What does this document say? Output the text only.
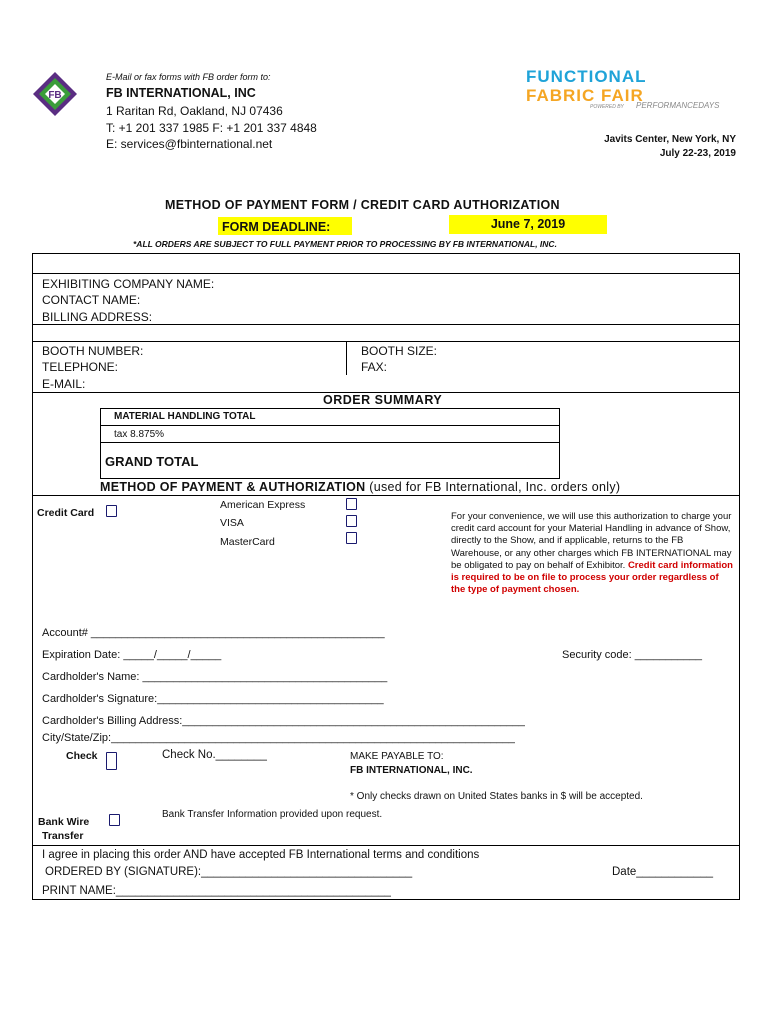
FB
E-Mail or fax forms with FB order form to:
FB INTERNATIONAL, INC
1 Raritan Rd, Oakland, NJ 07436
T: +1 201 337 1985 F: +1 201 337 4848
E: services@fbinternational.net
FUNCTIONAL
FABRIC FAIR
POWERED BY PERFORMANCEDAYS
Javits Center, New York, NY
July 22-23, 2019
METHOD OF PAYMENT FORM / CREDIT CARD AUTHORIZATION
FORM DEADLINE:	June 7, 2019
*ALL ORDERS ARE SUBJECT TO FULL PAYMENT PRIOR TO PROCESSING BY FB INTERNATIONAL, INC.
EXHIBITING COMPANY NAME:
CONTACT NAME:
BILLING ADDRESS:
BOOTH NUMBER:	BOOTH SIZE:
TELEPHONE:	FAX:
E-MAIL:
ORDER SUMMARY
MATERIAL HANDLING TOTAL
tax 8.875%
GRAND TOTAL
METHOD OF PAYMENT & AUTHORIZATION (used for FB International, Inc. orders only)
Credit Card
American Express
VISA
MasterCard
For your convenience, we will use this authorization to charge your credit card account for your Material Handling in advance of Show, directly to the Show, and if applicable, returns to the FB Warehouse, or any other charges which FB INTERNATIONAL may be obligated to pay on behalf of Exhibitor. Credit card information is required to be on file to process your order regardless of the type of payment chosen.
Account# ________________________________________________
Expiration Date: _____/_____/_____	Security code: ___________
Cardholder's Name: ________________________________________
Cardholder's Signature:_____________________________________
Cardholder's Billing Address:________________________________________________________
City/State/Zip:__________________________________________________________________
Check	Check No.________	MAKE PAYABLE TO:
FB INTERNATIONAL, INC.
* Only checks drawn on United States banks in $ will be accepted.
Bank Transfer Information provided upon request.
Bank Wire
Transfer
I agree in placing this order AND have accepted FB International terms and conditions
ORDERED BY (SIGNATURE):_________________________________	Date____________
PRINT NAME:___________________________________________
